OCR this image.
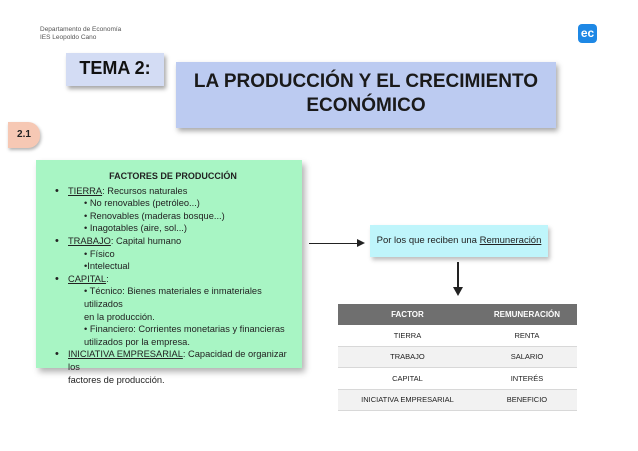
Departamento de Economía
IES Leopoldo Cano	ec
TEMA 2:
LA PRODUCCIÓN Y EL CRECIMIENTO
ECONÓMICO
2.1
FACTORES DE PRODUCCIÓN
• TIERRA: Recursos naturales
• No renovables (petróleo...)
• Renovables (maderas bosque...)
• Inagotables (aire, sol...)
• TRABAJO: Capital humano
• Físico
•Intelectual
• CAPITAL:
• Técnico: Bienes materiales e inmateriales utilizados
en la producción.
• Financiero: Corrientes monetarias y financieras
utilizados por la empresa.
• INICIATIVA EMPRESARIAL: Capacidad de organizar los
factores de producción.
Por los que reciben una Remuneración
FACTOR	REMUNERACIÓN
TIERRA	RENTA
TRABAJO	SALARIO
CAPITAL	INTERÉS
INICIATIVA EMPRESARIAL	BENEFICIO
